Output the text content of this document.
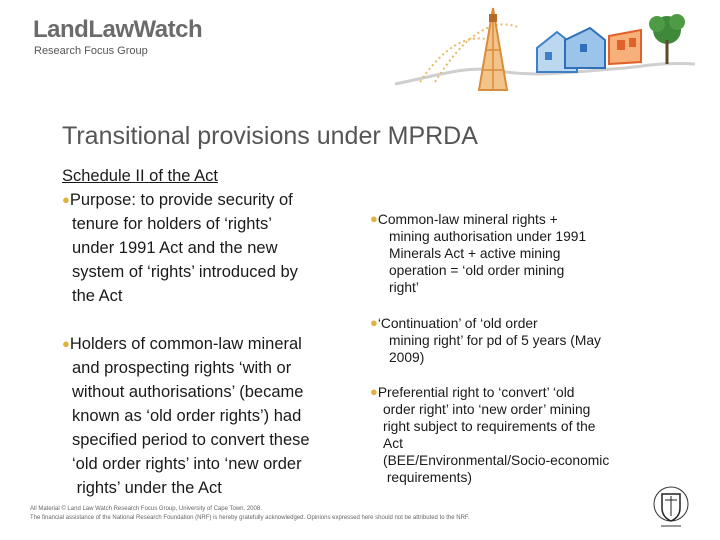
LandLawWatch
Research Focus Group
Transitional provisions under MPRDA
Schedule II of the Act
●Purpose: to provide security of
tenure for holders of ‘rights’
under 1991 Act and the new
system of ‘rights’ introduced by
the Act
●Holders of common-law mineral
and prospecting rights ‘with or
without authorisations’ (became
known as ‘old order rights’) had
specified period to convert these
‘old order rights’ into ‘new order
rights’ under the Act
●Common-law mineral rights +
mining authorisation under 1991
Minerals Act + active mining
operation = ‘old order mining
right’
●‘Continuation’ of ‘old order
mining right’ for pd of 5 years (May
2009)
●Preferential right to ‘convert’ ‘old
order right’ into ‘new order’ mining
right subject to requirements of the
Act
(BEE/Environmental/Socio-economic
requirements)
All Material © Land Law Watch Research Focus Group, University of Cape Town. 2008.
The financial assistance of the National Research Foundation (NRF) is hereby gratefully acknowledged. Opinions expressed here should not be attributed to the NRF.
